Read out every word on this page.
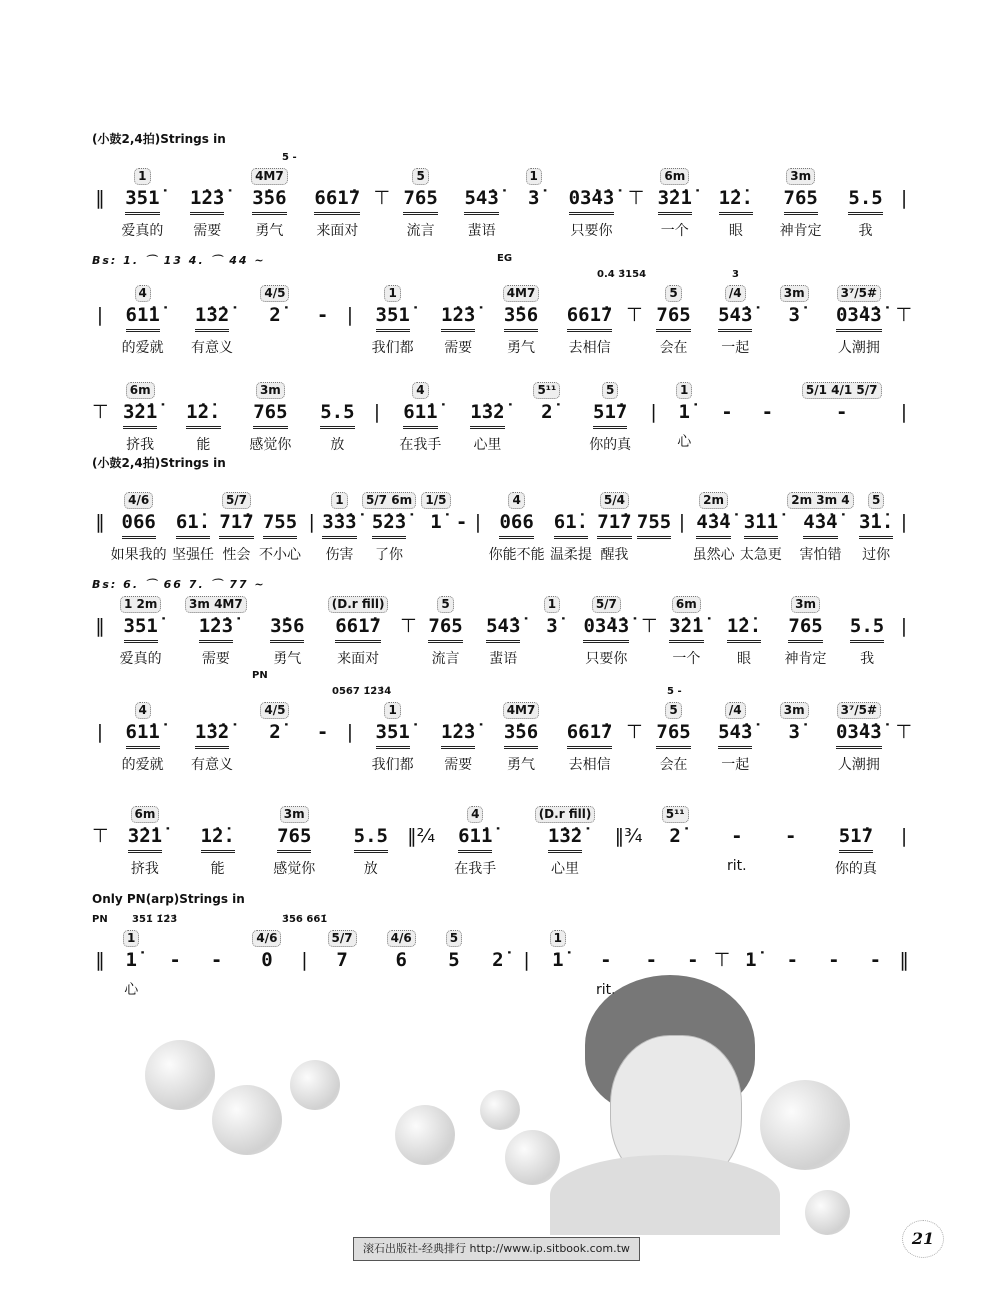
(小鼓2,4拍)Strings in
Bs: 1. ⌒ 13 4. ⌒ 44 ~
5 -
‖
1
351̇
爱真的
1̇2̇3̇
需要
4M7
3̇56
勇气
661̇7
来面对
⊤
5
765
流言
54̇3̇
蜚语
1
3̇ 03̇4̇3̇
只要你
⊤
6m
3̇2̇1̇
一个
1̇2̇.
眼
3m
765
神肯定
5.5
我
|
EG
0.4 3̇154	3
|
4
61̇1̇
的爱就
1̇3̇2̇
有意义
4/5
2̇ - |
1
351̇
我们都
1̇2̇3̇
需要
4M7
3̇56
勇气
661̇7
去相信
⊤
5
765
会在
/4
54̇3̇
一起
3m
3̇
3⁷/5#
03̇4̇3̇
人潮拥
⊤
⊤
6m
3̇2̇1̇
挤我
1̇2̇.
能
3m
765
感觉你
5.5
放
|
4
61̇1̇
在我手
1̇3̇2̇
心里
5¹¹
2̇
5
51̇7
你的真
|
1
1̇
心
- -
5/1 4/1 5/7
-	|
(小鼓2,4拍)Strings in
Bs: 6. ⌒ 66 7. ⌒ 77 ~
‖
4/6
066
如果我的
61̇.
坚强任
5/7
71̇7
性会
755
不小心
|
1
3̇3̇3̇
伤害
5/7 6m
5̇2̇3̇
了你
1/5
1̇ - |
4
066
你能不能
61̇.
温柔提
5/4
71̇7
醒我
755 |
2m
4̇3̇4̇
虽然心
3̇1̇1̇
太急更
2m 3m 4
4̇3̇4̇
害怕错
5
3̇1̇.
过你
|
‖
1 2m
351̇
爱真的
3m 4M7
1̇2̇3̇
需要
3̇56
勇气
(D.r fill)
661̇7
来面对
⊤
5
765
流言
54̇3̇
蜚语
1
3̇
5/7
03̇4̇3̇
只要你
⊤
6m
3̇2̇1̇
一个
1̇2̇.
眼
3m
765
神肯定
5.5
我
|
PN
0567 1̇2̇3̇4̇	5 -
|
4
61̇1̇
的爱就
1̇3̇2̇
有意义
4/5
2̇ - |
1
351̇
我们都
1̇2̇3̇
需要
4M7
3̇56
勇气
661̇7
去相信
⊤
5
765
会在
/4
54̇3̇
一起
3m
3̇
3⁷/5#
03̇4̇3̇
人潮拥
⊤
⊤
6m
3̇2̇1̇
挤我
1̇2̇.
能
3m
765
感觉你
5.5
放
‖²⁄₄
4
61̇1̇
在我手
(D.r fill)
1̇3̇2̇
心里
‖³⁄₄
5¹¹
2̇	-
rit.
- 51̇7
你的真
|
Only PN(arp)Strings in
PN 351̇ 1̇2̇3̇	3̇56 661̇
‖
1
1̇
心
- -
4/6
0 |
5/7
7
4/6
6
5
5 2̇ |
1
1̇ -
rit.
- - ⊤ 1̇ - - - ‖
滚石出版社-经典排行 http://www.ip.sitbook.com.tw
21
